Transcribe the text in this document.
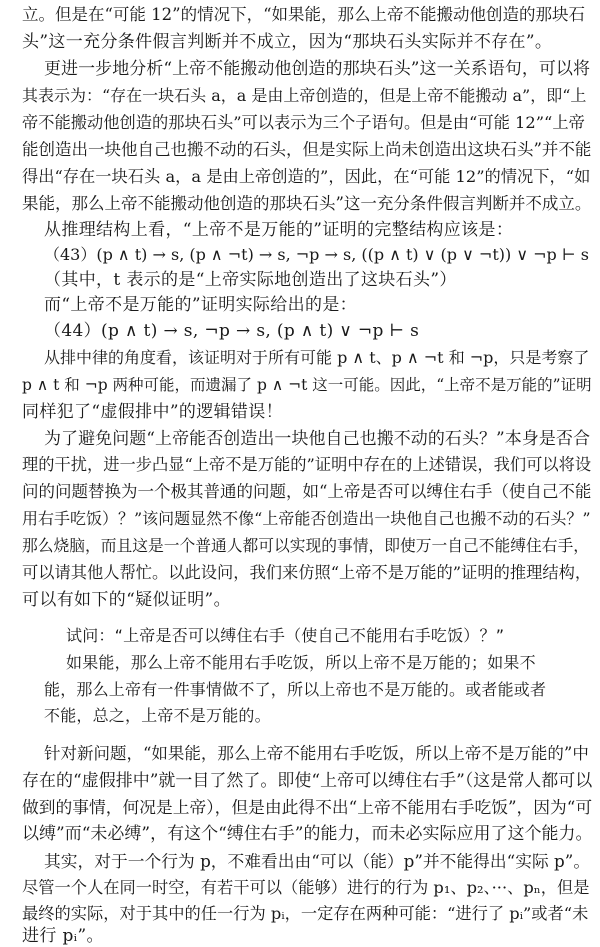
立。但是在“可能 12”的情况下，“如果能，那么上帝不能搬动他创造的那块石
头”这一充分条件假言判断并不成立，因为“那块石头实际并不存在”。
更进一步地分析“上帝不能搬动他创造的那块石头”这一关系语句，可以将
其表示为：“存在一块石头 a，a 是由上帝创造的，但是上帝不能搬动 a”，即“上
帝不能搬动他创造的那块石头”可以表示为三个子语句。但是由“可能 12”“上帝
能创造出一块他自己也搬不动的石头，但是实际上尚未创造出这块石头”并不能
得出“存在一块石头 a，a 是由上帝创造的”，因此，在“可能 12”的情况下，“如
果能，那么上帝不能搬动他创造的那块石头”这一充分条件假言判断并不成立。
从推理结构上看，“上帝不是万能的”证明的完整结构应该是：
（43）(p ∧ t) → s, (p ∧ ¬t) → s, ¬p → s, ((p ∧ t) ∨ (p ∨ ¬t)) ∨ ¬p ⊢ s
（其中，t 表示的是“上帝实际地创造出了这块石头”）
而“上帝不是万能的”证明实际给出的是：
（44）(p ∧ t) → s, ¬p → s, (p ∧ t) ∨ ¬p ⊢ s
从排中律的角度看，该证明对于所有可能 p ∧ t、p ∧ ¬t 和 ¬p，只是考察了
p ∧ t 和 ¬p 两种可能，而遗漏了 p ∧ ¬t 这一可能。因此，“上帝不是万能的”证明
同样犯了“虚假排中”的逻辑错误！
为了避免问题“上帝能否创造出一块他自己也搬不动的石头？”本身是否合
理的干扰，进一步凸显“上帝不是万能的”证明中存在的上述错误，我们可以将设
问的问题替换为一个极其普通的问题，如“上帝是否可以缚住右手（使自己不能
用右手吃饭）？”该问题显然不像“上帝能否创造出一块他自己也搬不动的石头？”
那么烧脑，而且这是一个普通人都可以实现的事情，即使万一自己不能缚住右手，
可以请其他人帮忙。以此设问，我们来仿照“上帝不是万能的”证明的推理结构，
可以有如下的“疑似证明”。
试问：“上帝是否可以缚住右手（使自己不能用右手吃饭）？”
如果能，那么上帝不能用右手吃饭，所以上帝不是万能的；如果不
能，那么上帝有一件事情做不了，所以上帝也不是万能的。或者能或者
不能，总之，上帝不是万能的。
针对新问题，“如果能，那么上帝不能用右手吃饭，所以上帝不是万能的”中
存在的“虚假排中”就一目了然了。即使“上帝可以缚住右手”（这是常人都可以
做到的事情，何况是上帝），但是由此得不出“上帝不能用右手吃饭”，因为“可
以缚”而“未必缚”，有这个“缚住右手”的能力，而未必实际应用了这个能力。
其实，对于一个行为 p，不难看出由“可以（能）p”并不能得出“实际 p”。
尽管一个人在同一时空，有若干可以（能够）进行的行为 p₁、p₂、···、pₙ，但是
最终的实际，对于其中的任一行为 pᵢ，一定存在两种可能：“进行了 pᵢ”或者“未
进行 pᵢ”。
